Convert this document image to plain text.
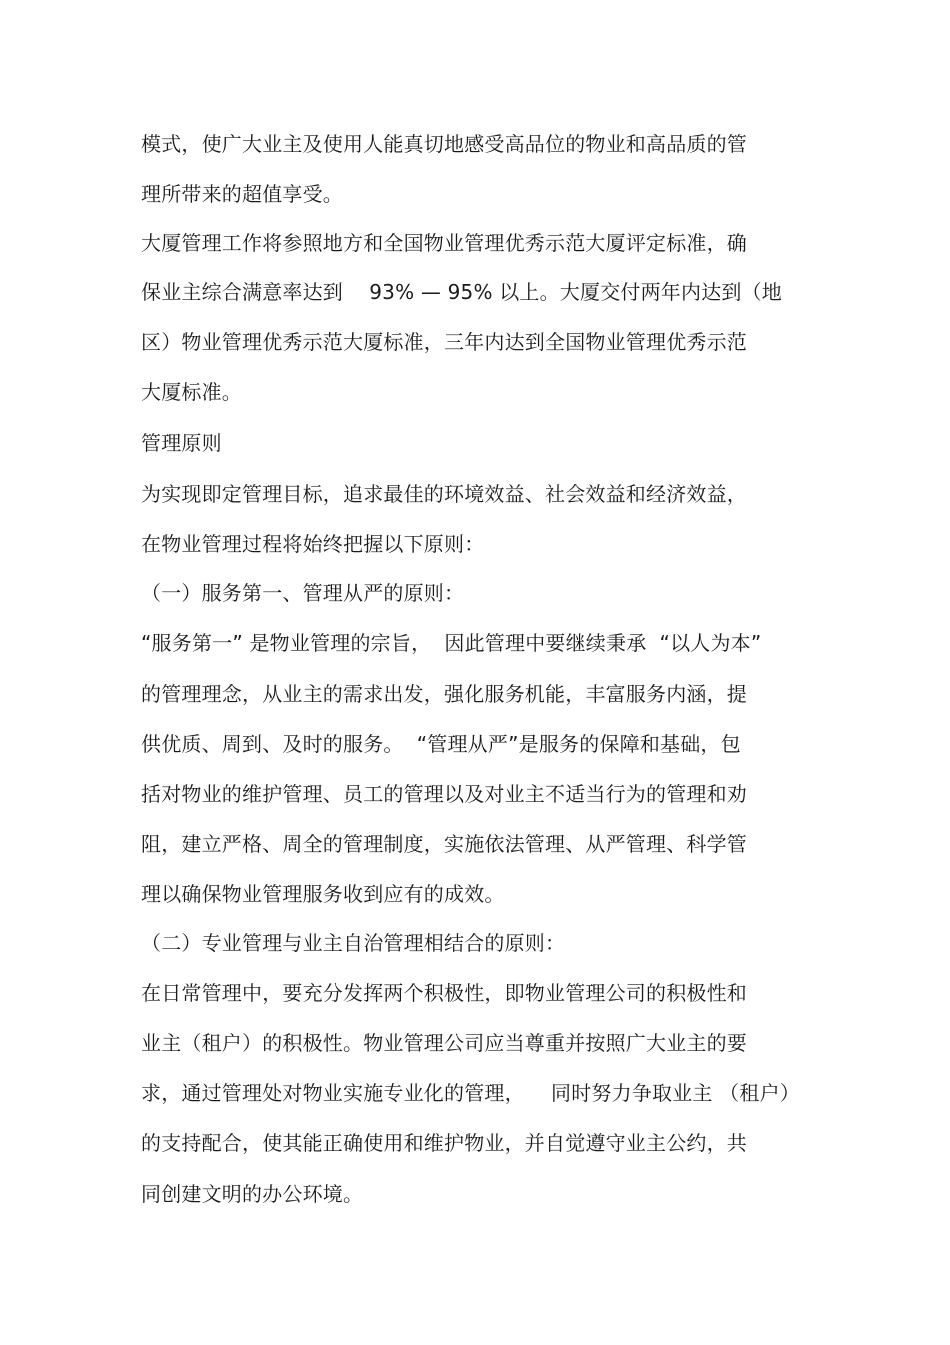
模式，使广大业主及使用人能真切地感受高品位的物业和高品质的管
理所带来的超值享受。
大厦管理工作将参照地方和全国物业管理优秀示范大厦评定标准，确
保业主综合满意率达到    93% — 95% 以上。大厦交付两年内达到（地
区）物业管理优秀示范大厦标准，三年内达到全国物业管理优秀示范
大厦标准。
管理原则
为实现即定管理目标，追求最佳的环境效益、社会效益和经济效益，
在物业管理过程将始终把握以下原则：
（一）服务第一、管理从严的原则：
“服务第一” 是物业管理的宗旨，  因此管理中要继续秉承  “以人为本”
的管理理念，从业主的需求出发，强化服务机能，丰富服务内涵，提
供优质、周到、及时的服务。  “管理从严”是服务的保障和基础，包
括对物业的维护管理、员工的管理以及对业主不适当行为的管理和劝
阻，建立严格、周全的管理制度，实施依法管理、从严管理、科学管
理以确保物业管理服务收到应有的成效。
（二）专业管理与业主自治管理相结合的原则：
在日常管理中，要充分发挥两个积极性，即物业管理公司的积极性和
业主（租户）的积极性。物业管理公司应当尊重并按照广大业主的要
求，通过管理处对物业实施专业化的管理，    同时努力争取业主 （租户）
的支持配合，使其能正确使用和维护物业，并自觉遵守业主公约，共
同创建文明的办公环境。
